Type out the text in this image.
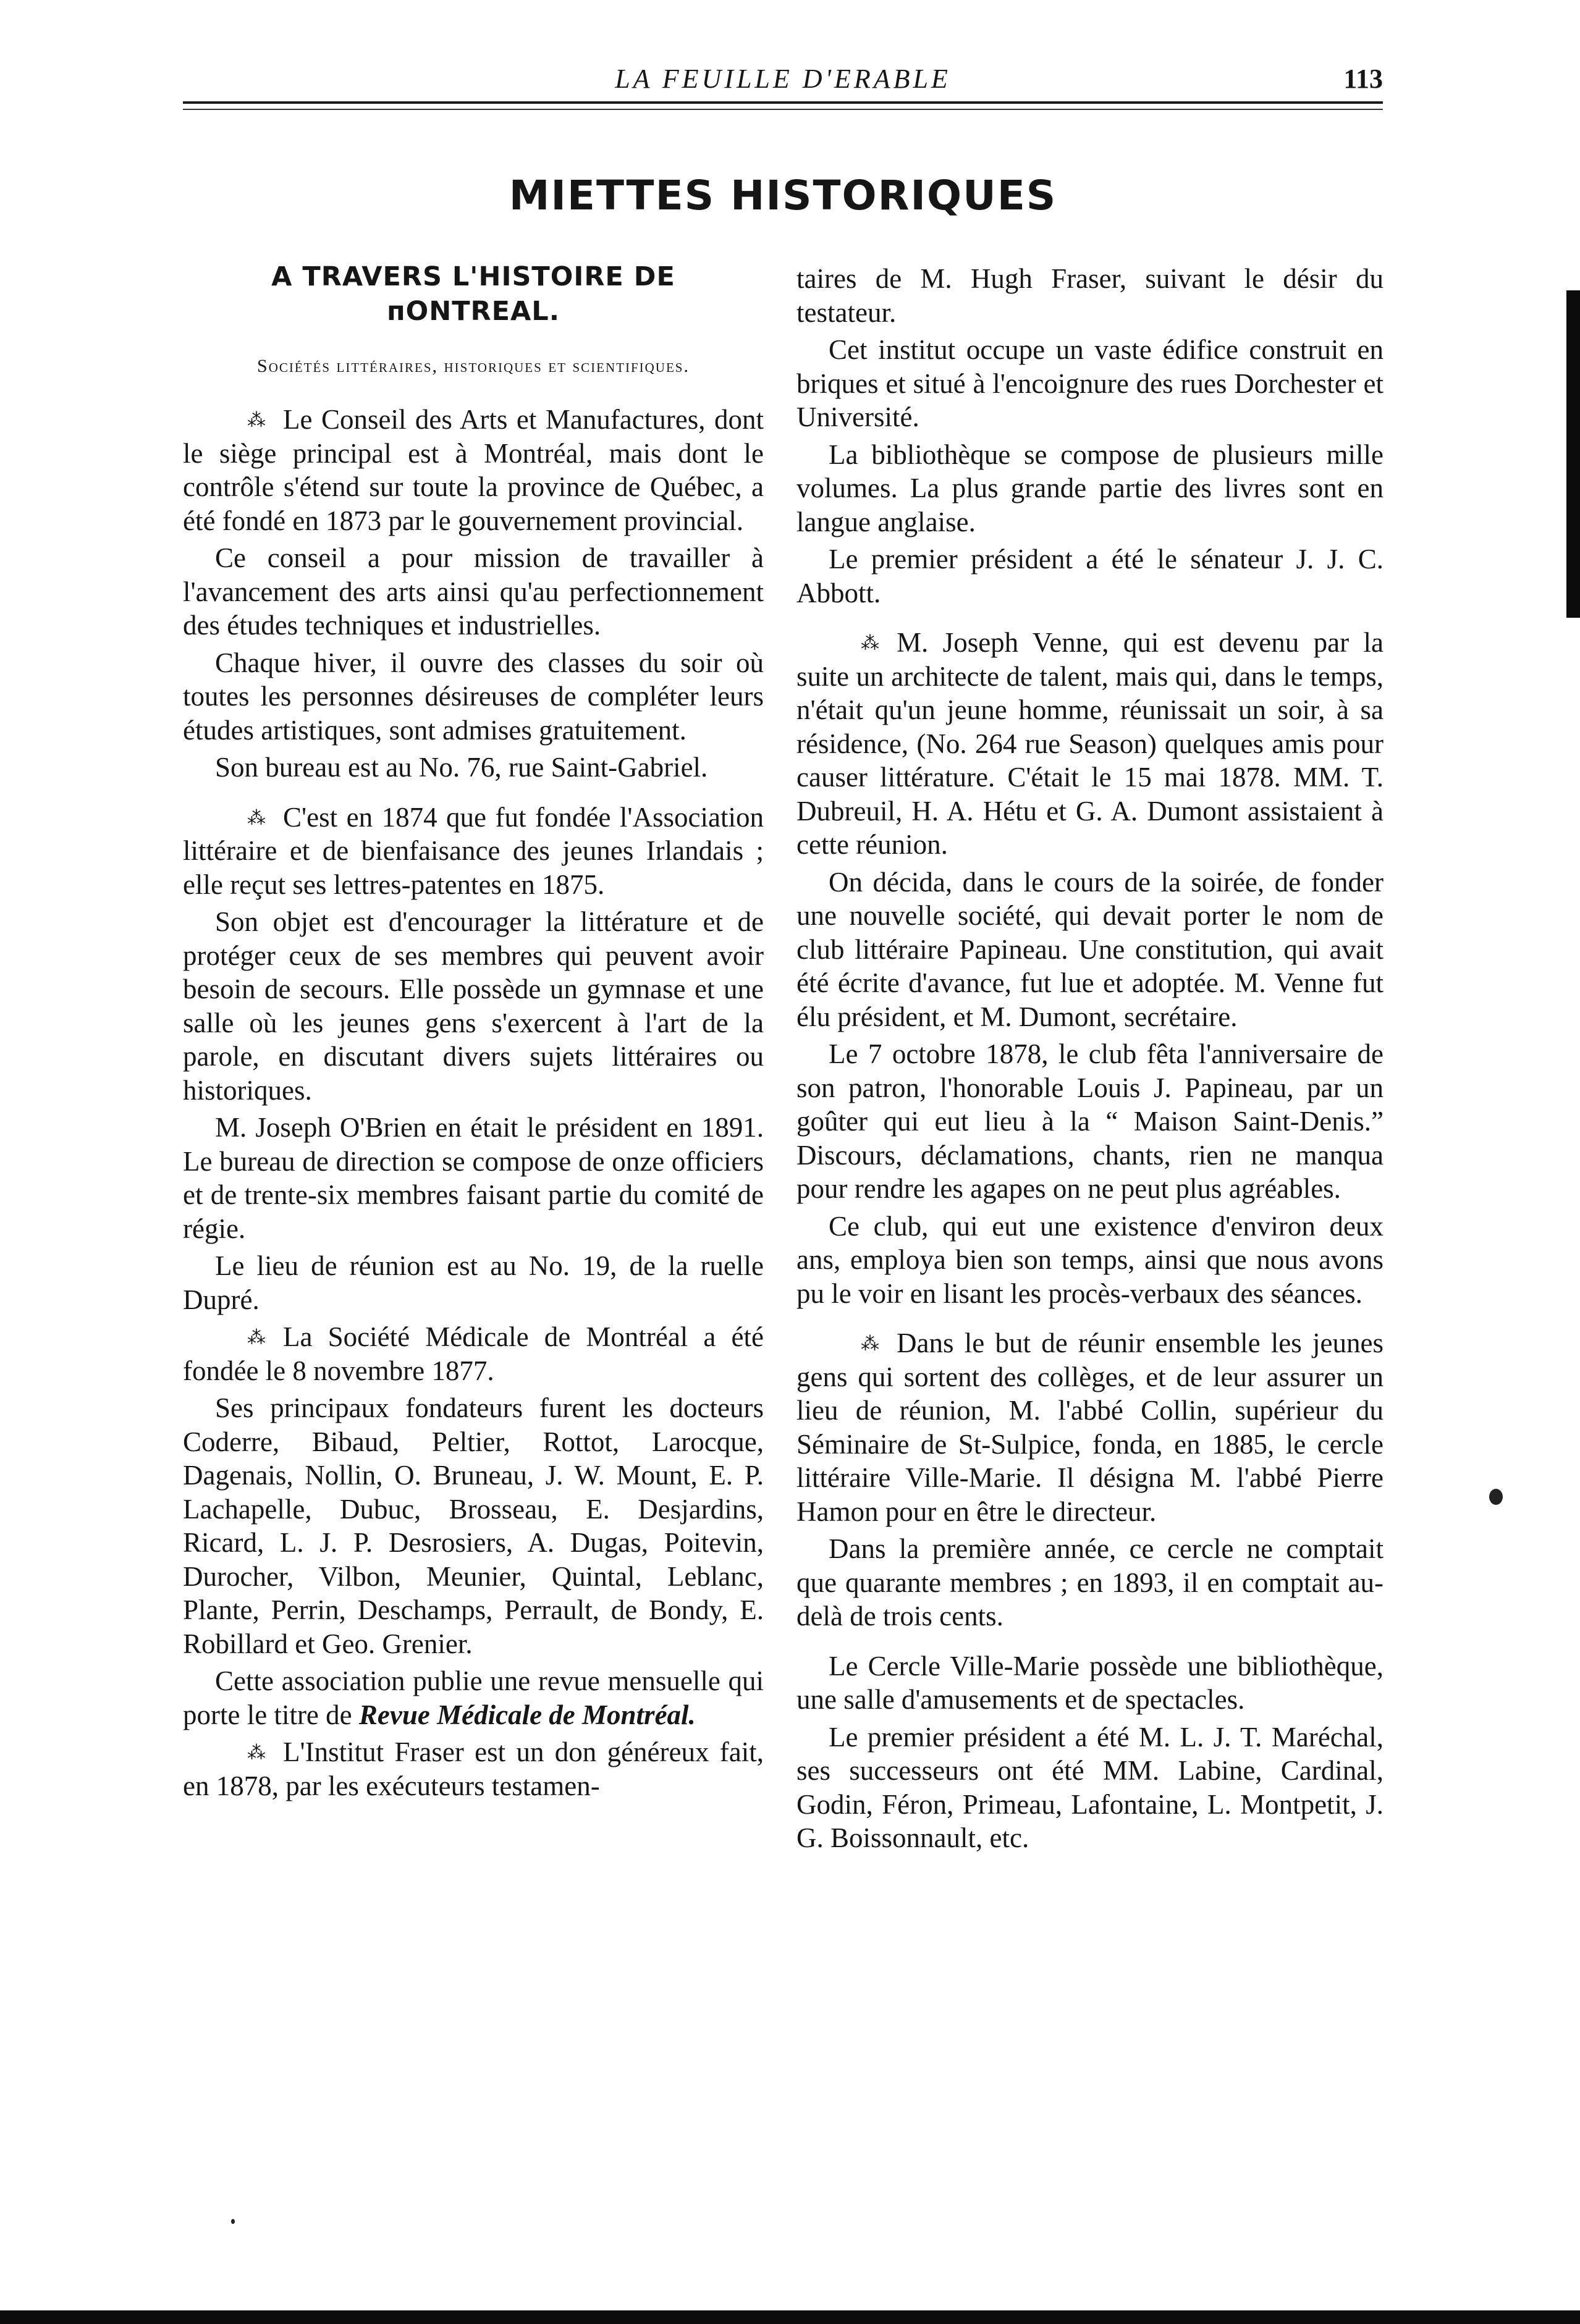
LA FEUILLE D'ERABLE	113
MIETTES HISTORIQUES
A TRAVERS L'HISTOIRE DE пONTREAL.
Sociétés littéraires, historiques et scientifiques.

⁂ Le Conseil des Arts et Manufactures, dont le siège principal est à Montréal, mais dont le contrôle s'étend sur toute la province de Québec, a été fondé en 1873 par le gouvernement provincial.

Ce conseil a pour mission de travailler à l'avancement des arts ainsi qu'au perfectionnement des études techniques et industrielles.

Chaque hiver, il ouvre des classes du soir où toutes les personnes désireuses de compléter leurs études artistiques, sont admises gratuitement.

Son bureau est au No. 76, rue Saint-Gabriel.

⁂ C'est en 1874 que fut fondée l'Association littéraire et de bienfaisance des jeunes Irlandais ; elle reçut ses lettres-patentes en 1875.

Son objet est d'encourager la littérature et de protéger ceux de ses membres qui peuvent avoir besoin de secours. Elle possède un gymnase et une salle où les jeunes gens s'exercent à l'art de la parole, en discutant divers sujets littéraires ou historiques.

M. Joseph O'Brien en était le président en 1891. Le bureau de direction se compose de onze officiers et de trente-six membres faisant partie du comité de régie.

Le lieu de réunion est au No. 19, de la ruelle Dupré.

⁂ La Société Médicale de Montréal a été fondée le 8 novembre 1877.

Ses principaux fondateurs furent les docteurs Coderre, Bibaud, Peltier, Rottot, Larocque, Dagenais, Nollin, O. Bruneau, J. W. Mount, E. P. Lachapelle, Dubuc, Brosseau, E. Desjardins, Ricard, L. J. P. Desrosiers, A. Dugas, Poitevin, Durocher, Vilbon, Meunier, Quintal, Leblanc, Plante, Perrin, Deschamps, Perrault, de Bondy, E. Robillard et Geo. Grenier.

Cette association publie une revue mensuelle qui porte le titre de Revue Médicale de Montréal.

⁂ L'Institut Fraser est un don généreux fait, en 1878, par les exécuteurs testamen-

taires de M. Hugh Fraser, suivant le désir du testateur.

Cet institut occupe un vaste édifice construit en briques et situé à l'encoignure des rues Dorchester et Université.

La bibliothèque se compose de plusieurs mille volumes. La plus grande partie des livres sont en langue anglaise.

Le premier président a été le sénateur J. J. C. Abbott.

⁂ M. Joseph Venne, qui est devenu par la suite un architecte de talent, mais qui, dans le temps, n'était qu'un jeune homme, réunissait un soir, à sa résidence, (No. 264 rue Season) quelques amis pour causer littérature. C'était le 15 mai 1878. MM. T. Dubreuil, H. A. Hétu et G. A. Dumont assistaient à cette réunion.

On décida, dans le cours de la soirée, de fonder une nouvelle société, qui devait porter le nom de club littéraire Papineau. Une constitution, qui avait été écrite d'avance, fut lue et adoptée. M. Venne fut élu président, et M. Dumont, secrétaire.

Le 7 octobre 1878, le club fêta l'anniversaire de son patron, l'honorable Louis J. Papineau, par un goûter qui eut lieu à la “ Maison Saint-Denis.” Discours, déclamations, chants, rien ne manqua pour rendre les agapes on ne peut plus agréables.

Ce club, qui eut une existence d'environ deux ans, employa bien son temps, ainsi que nous avons pu le voir en lisant les procès-verbaux des séances.

⁂ Dans le but de réunir ensemble les jeunes gens qui sortent des collèges, et de leur assurer un lieu de réunion, M. l'abbé Collin, supérieur du Séminaire de St-Sulpice, fonda, en 1885, le cercle littéraire Ville-Marie. Il désigna M. l'abbé Pierre Hamon pour en être le directeur.

Dans la première année, ce cercle ne comptait que quarante membres ; en 1893, il en comptait au-delà de trois cents.

Le Cercle Ville-Marie possède une bibliothèque, une salle d'amusements et de spectacles.

Le premier président a été M. L. J. T. Maréchal, ses successeurs ont été MM. Labine, Cardinal, Godin, Féron, Primeau, Lafontaine, L. Montpetit, J. G. Boissonnault, etc.
